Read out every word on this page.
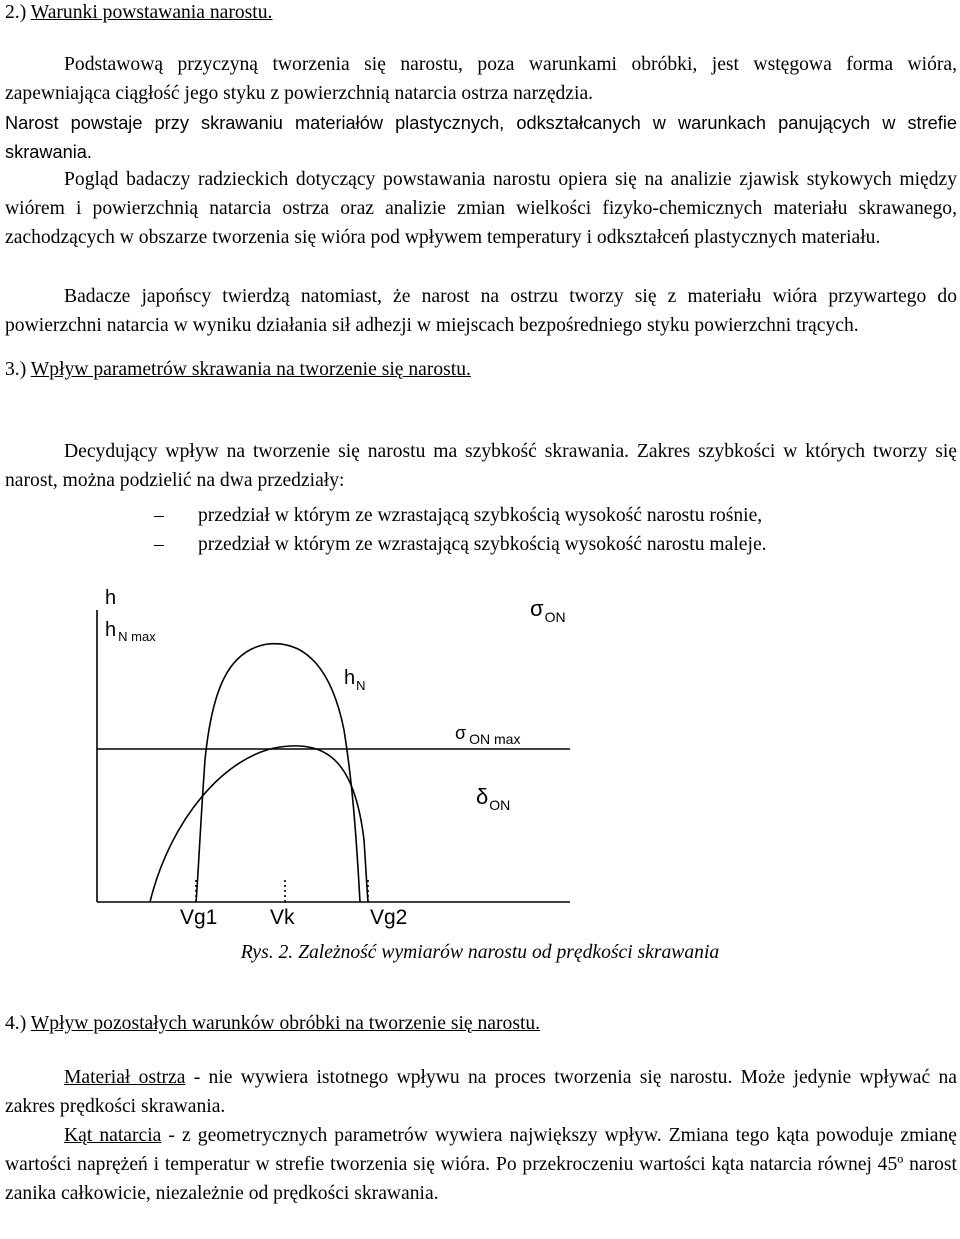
2.) Warunki powstawania narostu.

Podstawową przyczyną tworzenia się narostu, poza warunkami obróbki, jest wstęgowa forma wióra, zapewniająca ciągłość jego styku z powierzchnią natarcia ostrza narzędzia.

Narost powstaje przy skrawaniu materiałów plastycznych, odkształcanych w warunkach panujących w strefie skrawania.

Pogląd badaczy radzieckich dotyczący powstawania narostu opiera się na analizie zjawisk stykowych między wiórem i powierzchnią natarcia ostrza oraz analizie zmian wielkości fizyko-chemicznych materiału skrawanego, zachodzących w obszarze tworzenia się wióra pod wpływem temperatury i odkształceń plastycznych materiału.

Badacze japońscy twierdzą natomiast, że narost na ostrzu tworzy się z materiału wióra przywartego do powierzchni natarcia w wyniku działania sił adhezji w miejscach bezpośredniego styku powierzchni trących.

3.) Wpływ parametrów skrawania na tworzenie się narostu.

Decydujący wpływ na tworzenie się narostu ma szybkość skrawania. Zakres szybkości w których tworzy się narost, można podzielić na dwa przedziały:

– przedział w którym ze wzrastającą szybkością wysokość narostu rośnie,
– przedział w którym ze wzrastającą szybkością wysokość narostu maleje.
h
h $_{N max}$
$h_N$
$\sigma_{ON}$
σ $_{ON max}$
$\delta_{ON}$
Vg1	Vk	Vg2

Rys. 2. Zależność wymiarów narostu od prędkości skrawania

4.) Wpływ pozostałych warunków obróbki na tworzenie się narostu.

Materiał ostrza - nie wywiera istotnego wpływu na proces tworzenia się narostu. Może jedynie wpływać na zakres prędkości skrawania.

Kąt natarcia - z geometrycznych parametrów wywiera największy wpływ. Zmiana tego kąta powoduje zmianę wartości naprężeń i temperatur w strefie tworzenia się wióra. Po przekroczeniu wartości kąta natarcia równej 45º narost zanika całkowicie, niezależnie od prędkości skrawania.
